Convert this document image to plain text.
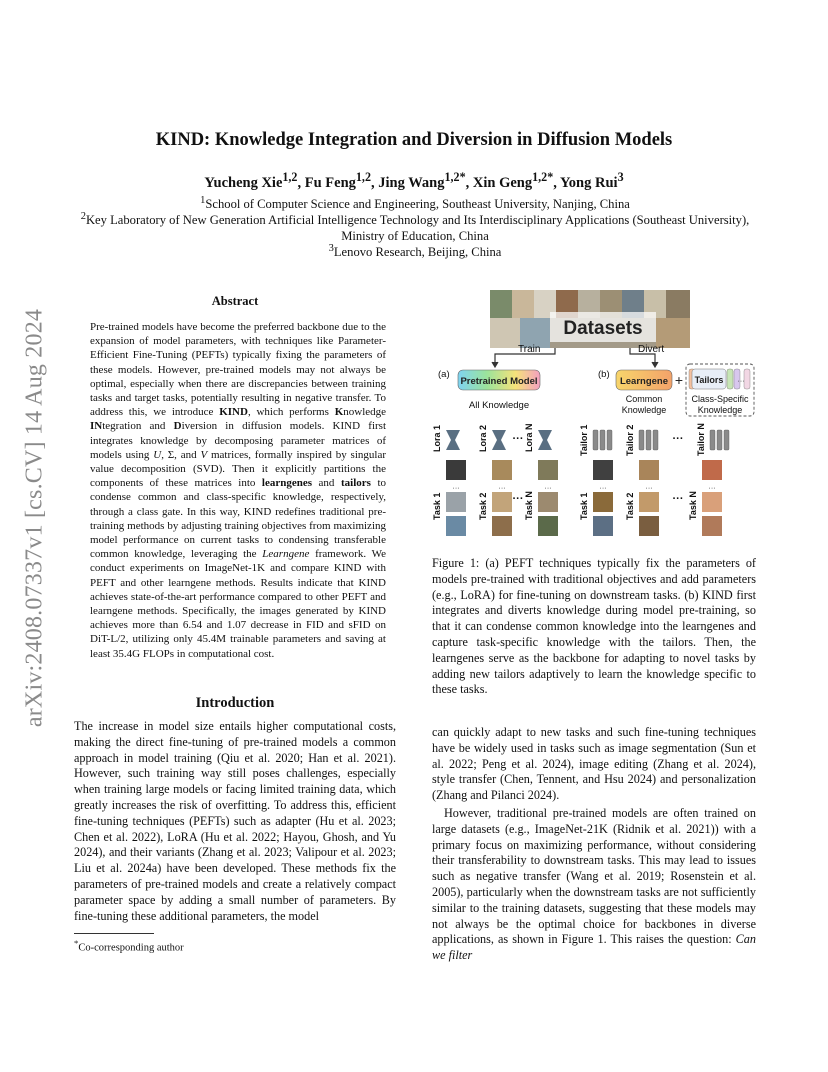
arXiv:2408.07337v1 [cs.CV] 14 Aug 2024
KIND: Knowledge Integration and Diversion in Diffusion Models
Yucheng Xie$^{1,2}$, Fu Feng$^{1,2}$, Jing Wang$^{1,2*}$, Xin Geng$^{1,2*}$, Yong Rui$^3$
$^1$School of Computer Science and Engineering, Southeast University, Nanjing, China
$^2$Key Laboratory of New Generation Artificial Intelligence Technology and Its Interdisciplinary Applications (Southeast University), Ministry of Education, China
$^3$Lenovo Research, Beijing, China
Abstract
Pre-trained models have become the preferred backbone due to the expansion of model parameters, with techniques like Parameter-Efficient Fine-Tuning (PEFTs) typically fixing the parameters of these models. However, pre-trained models may not always be optimal, especially when there are discrepancies between training tasks and target tasks, potentially resulting in negative transfer. To address this, we introduce KIND, which performs Knowledge INtegration and Diversion in diffusion models. KIND first integrates knowledge by decomposing parameter matrices of models using U, Σ, and V matrices, formally inspired by singular value decomposition (SVD). Then it explicitly partitions the components of these matrices into learngenes and tailors to condense common and class-specific knowledge, respectively, through a class gate. In this way, KIND redefines traditional pre-training methods by adjusting training objectives from maximizing model performance on current tasks to condensing transferable common knowledge, leveraging the Learngene framework. We conduct experiments on ImageNet-1K and compare KIND with PEFT and other learngene methods. Results indicate that KIND achieves state-of-the-art performance compared to other PEFT and learngene methods. Specifically, the images generated by KIND achieves more than 6.54 and 1.07 decrease in FID and sFID on DiT-L/2, utilizing only 45.4M trainable parameters and saving at least 35.4G FLOPs in computational cost.
Introduction
The increase in model size entails higher computational costs, making the direct fine-tuning of pre-trained models a common approach in model training (Qiu et al. 2020; Han et al. 2021). However, such training way still poses challenges, especially when training large models or facing limited training data, which greatly increases the risk of overfitting. To address this, efficient fine-tuning techniques (PEFTs) such as adapter (Hu et al. 2023; Chen et al. 2022), LoRA (Hu et al. 2022; Hayou, Ghosh, and Yu 2024), and their variants (Zhang et al. 2023; Valipour et al. 2023; Liu et al. 2024a) have been developed. These methods fix the parameters of pre-trained models and create a relatively compact parameter space by adding a small number of parameters. By fine-tuning these additional parameters, the model
*Co-corresponding author
Datasets
Train	Divert
(a)
Pretrained Model
All Knowledge
(b)
Learngene + Tailors ···
Common
Knowledge
Class-Specific
Knowledge
Lora 1	Lora 2	Lora N
···	Tailor 1	Tailor 2	Tailor N
···
···	···	···
Task 1	Task 2	Task N
···
···	···	···
Task 1	Task 2	Task N
···
Figure 1: (a) PEFT techniques typically fix the parameters of models pre-trained with traditional objectives and add parameters (e.g., LoRA) for fine-tuning on downstream tasks. (b) KIND first integrates and diverts knowledge during model pre-training, so that it can condense common knowledge into the learngenes and capture task-specific knowledge with the tailors. Then, the learngenes serve as the backbone for adapting to novel tasks by adding new tailors adaptively to learn the knowledge specific to these tasks.

can quickly adapt to new tasks and such fine-tuning techniques have be widely used in tasks such as image segmentation (Sun et al. 2022; Peng et al. 2024), image editing (Zhang et al. 2024), style transfer (Chen, Tennent, and Hsu 2024) and personalization (Zhang and Pilanci 2024).

However, traditional pre-trained models are often trained on large datasets (e.g., ImageNet-21K (Ridnik et al. 2021)) with a primary focus on maximizing performance, without considering their transferability to downstream tasks. This may lead to issues such as negative transfer (Wang et al. 2019; Rosenstein et al. 2005), particularly when the downstream tasks are not sufficiently similar to the training datasets, suggesting that these models may not always be the optimal choice for backbones in diverse applications, as shown in Figure 1. This raises the question: Can we filter
